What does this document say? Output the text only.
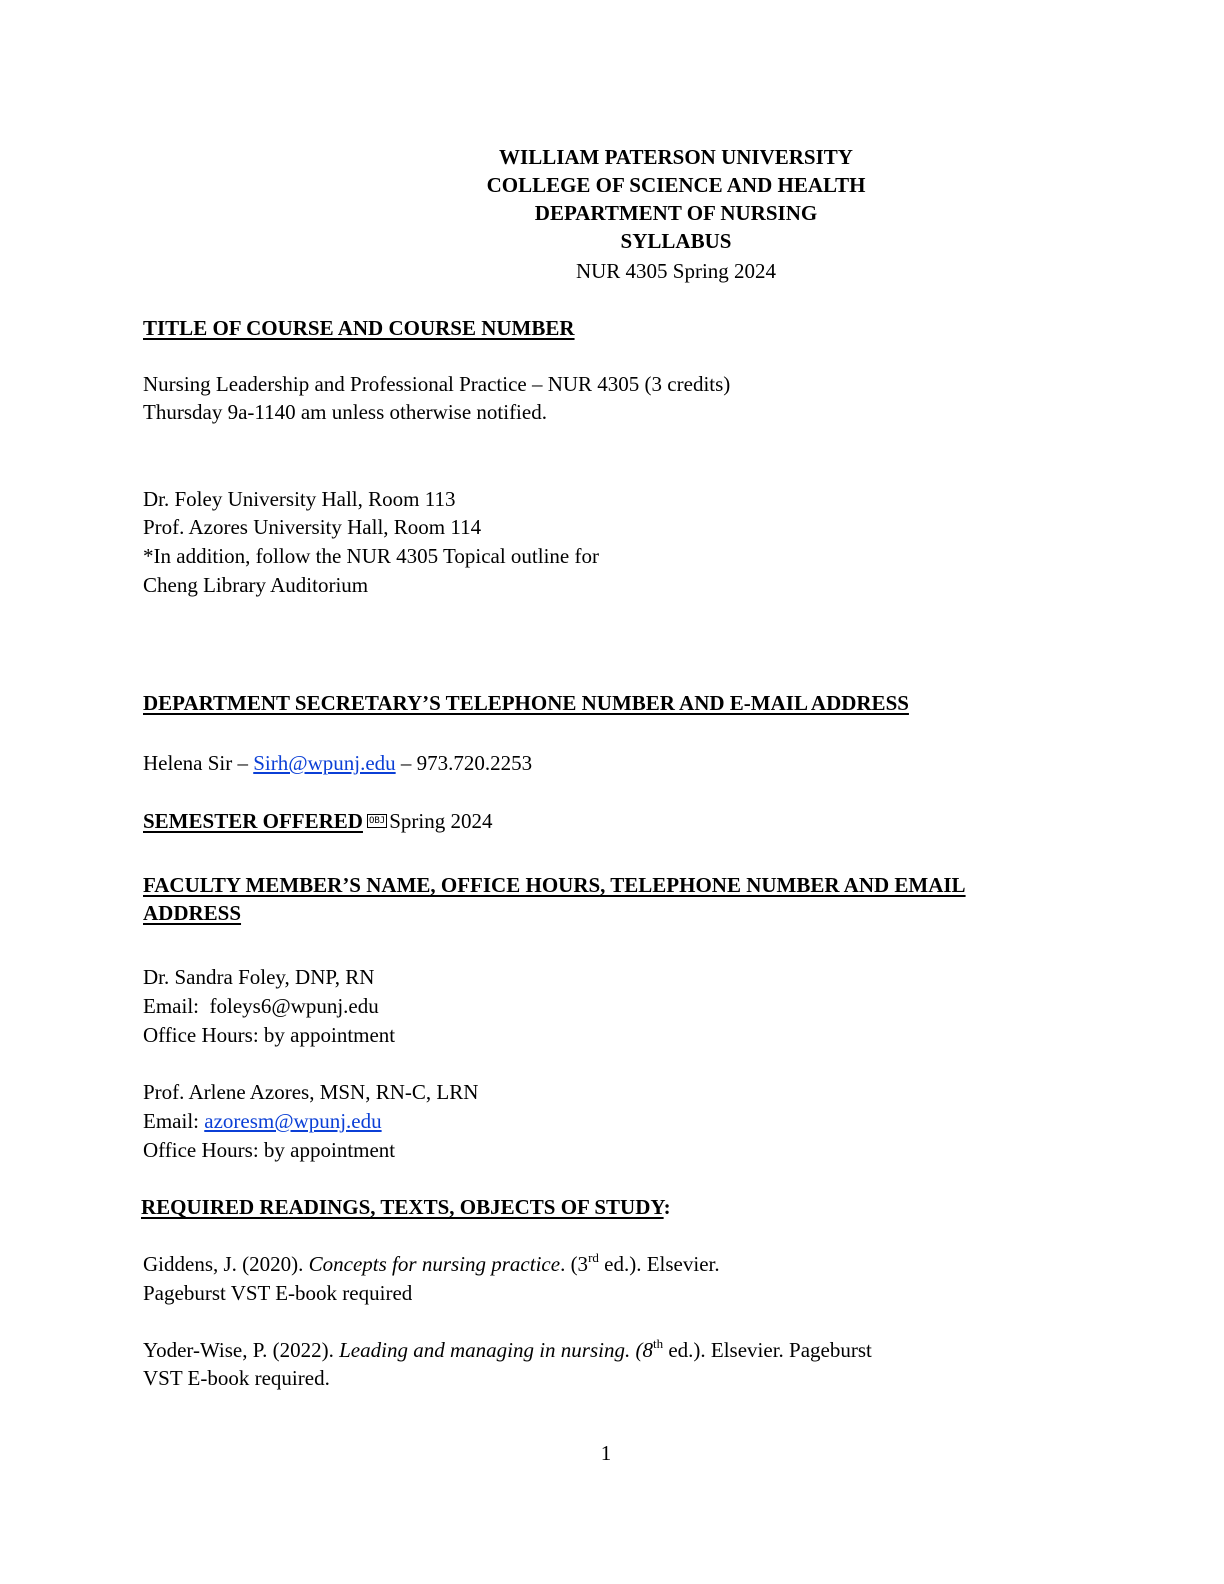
WILLIAM PATERSON UNIVERSITY
COLLEGE OF SCIENCE AND HEALTH
DEPARTMENT OF NURSING
SYLLABUS
NUR 4305 Spring 2024
TITLE OF COURSE AND COURSE NUMBER
Nursing Leadership and Professional Practice – NUR 4305 (3 credits)
Thursday 9a-1140 am unless otherwise notified.
Dr. Foley University Hall, Room 113
Prof. Azores University Hall, Room 114
*In addition, follow the NUR 4305 Topical outline for
Cheng Library Auditorium
DEPARTMENT SECRETARY’S TELEPHONE NUMBER AND E-MAIL ADDRESS
Helena Sir – Sirh@wpunj.edu – 973.720.2253
SEMESTER OFFERED OBJ Spring 2024
FACULTY MEMBER’S NAME, OFFICE HOURS, TELEPHONE NUMBER AND EMAIL
ADDRESS
Dr. Sandra Foley, DNP, RN
Email:  foleys6@wpunj.edu
Office Hours: by appointment
Prof. Arlene Azores, MSN, RN-C, LRN
Email: azoresm@wpunj.edu
Office Hours: by appointment
REQUIRED READINGS, TEXTS, OBJECTS OF STUDY:
Giddens, J. (2020). Concepts for nursing practice. (3rd ed.). Elsevier.
Pageburst VST E-book required
Yoder-Wise, P. (2022). Leading and managing in nursing. (8th ed.). Elsevier. Pageburst
VST E-book required.
1
